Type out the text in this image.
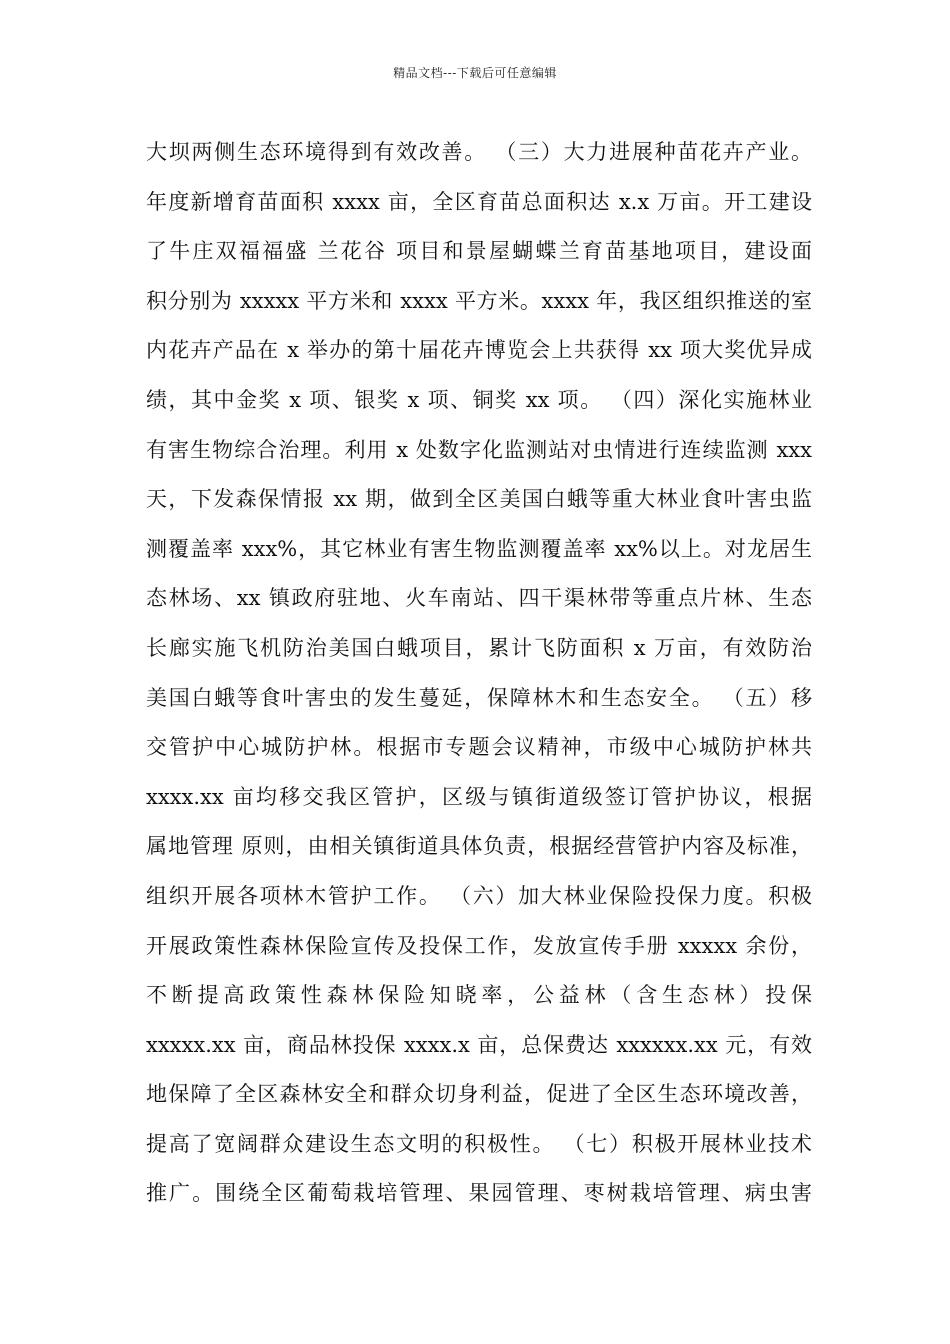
精品文档---下载后可任意编辑
大坝两侧生态环境得到有效改善。 （三）大力进展种苗花卉产业。
年度新增育苗面积 xxxx 亩，全区育苗总面积达 x.x 万亩。开工建设
了牛庄双福福盛 兰花谷 项目和景屋蝴蝶兰育苗基地项目，建设面
积分别为 xxxxx 平方米和 xxxx 平方米。xxxx 年，我区组织推送的室
内花卉产品在 x 举办的第十届花卉博览会上共获得 xx 项大奖优异成
绩，其中金奖 x 项、银奖 x 项、铜奖 xx 项。 （四）深化实施林业
有害生物综合治理。利用 x 处数字化监测站对虫情进行连续监测 xxx
天，下发森保情报 xx 期，做到全区美国白蛾等重大林业食叶害虫监
测覆盖率 xxx%，其它林业有害生物监测覆盖率 xx%以上。对龙居生
态林场、xx 镇政府驻地、火车南站、四干渠林带等重点片林、生态
长廊实施飞机防治美国白蛾项目，累计飞防面积 x 万亩，有效防治
美国白蛾等食叶害虫的发生蔓延，保障林木和生态安全。 （五）移
交管护中心城防护林。根据市专题会议精神，市级中心城防护林共
xxxx.xx 亩均移交我区管护，区级与镇街道级签订管护协议，根据
属地管理 原则，由相关镇街道具体负责，根据经营管护内容及标准，
组织开展各项林木管护工作。 （六）加大林业保险投保力度。积极
开展政策性森林保险宣传及投保工作，发放宣传手册 xxxxx 余份，
不断提高政策性森林保险知晓率，公益林（含生态林）投保
xxxxx.xx 亩，商品林投保 xxxx.x 亩，总保费达 xxxxxx.xx 元，有效
地保障了全区森林安全和群众切身利益，促进了全区生态环境改善，
提高了宽阔群众建设生态文明的积极性。 （七）积极开展林业技术
推广。围绕全区葡萄栽培管理、果园管理、枣树栽培管理、病虫害
